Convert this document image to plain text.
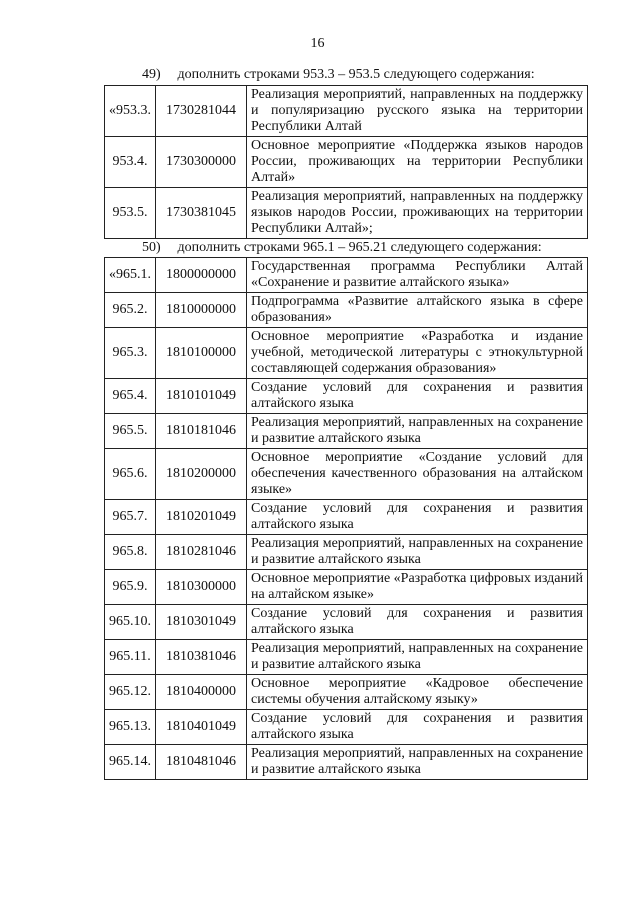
16
49) дополнить строками 953.3 – 953.5 следующего содержания:
«953.3.	1730281044	Реализация мероприятий, направленных на поддержку и популяризацию русского языка на территории Республики Алтай
953.4.	1730300000	Основное мероприятие «Поддержка языков народов России, проживающих на территории Республики Алтай»
953.5.	1730381045	Реализация мероприятий, направленных на поддержку языков народов России, проживающих на территории Республики Алтай»;
50) дополнить строками 965.1 – 965.21 следующего содержания:
«965.1.	1800000000	Государственная программа Республики Алтай «Сохранение и развитие алтайского языка»
965.2.	1810000000	Подпрограмма «Развитие алтайского языка в сфере образования»
965.3.	1810100000	Основное мероприятие «Разработка и издание учебной, методической литературы с этнокультурной составляющей содержания образования»
965.4.	1810101049	Создание условий для сохранения и развития алтайского языка
965.5.	1810181046	Реализация мероприятий, направленных на сохранение и развитие алтайского языка
965.6.	1810200000	Основное мероприятие «Создание условий для обеспечения качественного образования на алтайском языке»
965.7.	1810201049	Создание условий для сохранения и развития алтайского языка
965.8.	1810281046	Реализация мероприятий, направленных на сохранение и развитие алтайского языка
965.9.	1810300000	Основное мероприятие «Разработка цифровых изданий на алтайском языке»
965.10.	1810301049	Создание условий для сохранения и развития алтайского языка
965.11.	1810381046	Реализация мероприятий, направленных на сохранение и развитие алтайского языка
965.12.	1810400000	Основное мероприятие «Кадровое обеспечение системы обучения алтайскому языку»
965.13.	1810401049	Создание условий для сохранения и развития алтайского языка
965.14.	1810481046	Реализация мероприятий, направленных на сохранение и развитие алтайского языка
